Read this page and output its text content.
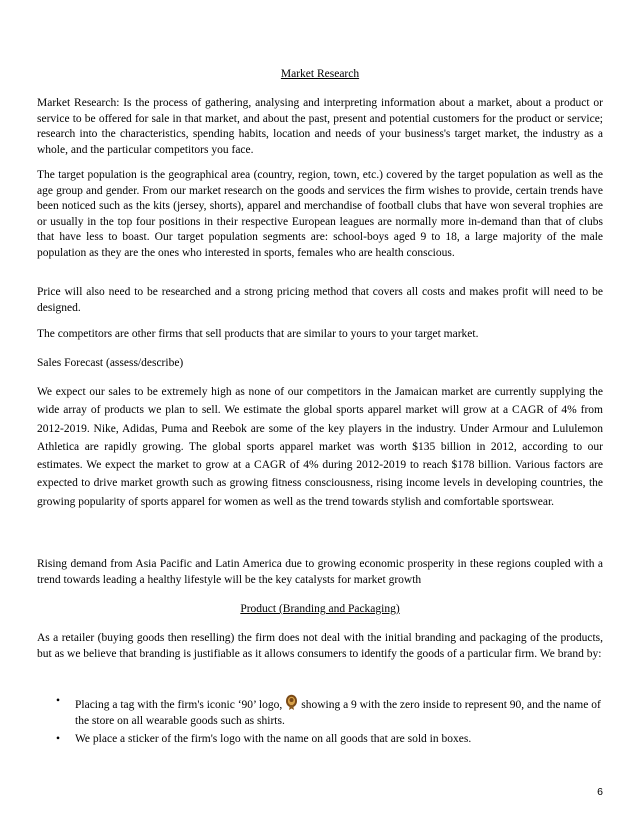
Market Research
Market Research: Is the process of gathering, analysing and interpreting information about a market, about a product or service to be offered for sale in that market, and about the past, present and potential customers for the product or service; research into the characteristics, spending habits, location and needs of your business's target market, the industry as a whole, and the particular competitors you face.
The target population is the geographical area (country, region, town, etc.) covered by the target population as well as the age group and gender. From our market research on the goods and services the firm wishes to provide, certain trends have been noticed such as the kits (jersey, shorts), apparel and merchandise of football clubs that have won several trophies are or usually in the top four positions in their respective European leagues are normally more in-demand than that of clubs that have less to boast. Our target population segments are: school-boys aged 9 to 18, a large majority of the male population as they are the ones who interested in sports, females who are health conscious.
Price will also need to be researched and a strong pricing method that covers all costs and makes profit will need to be designed.
The competitors are other firms that sell products that are similar to yours to your target market.
Sales Forecast (assess/describe)
We expect our sales to be extremely high as none of our competitors in the Jamaican market are currently supplying the wide array of products we plan to sell. We estimate the global sports apparel market will grow at a CAGR of 4% from 2012-2019. Nike, Adidas, Puma and Reebok are some of the key players in the industry. Under Armour and Lululemon Athletica are rapidly growing. The global sports apparel market was worth $135 billion in 2012, according to our estimates. We expect the market to grow at a CAGR of 4% during 2012-2019 to reach $178 billion. Various factors are expected to drive market growth such as growing fitness consciousness, rising income levels in developing countries, the growing popularity of sports apparel for women as well as the trend towards stylish and comfortable sportswear.
Rising demand from Asia Pacific and Latin America due to growing economic prosperity in these regions coupled with a trend towards leading a healthy lifestyle will be the key catalysts for market growth
Product (Branding and Packaging)
As a retailer (buying goods then reselling) the firm does not deal with the initial branding and packaging of the products, but as we believe that branding is justifiable as it allows consumers to identify the goods of a particular firm. We brand by:
• Placing a tag with the firm's iconic ‘90’ logo, showing a 9 with the zero inside to represent 90, and the name of the store on all wearable goods such as shirts.
• We place a sticker of the firm's logo with the name on all goods that are sold in boxes.
6
